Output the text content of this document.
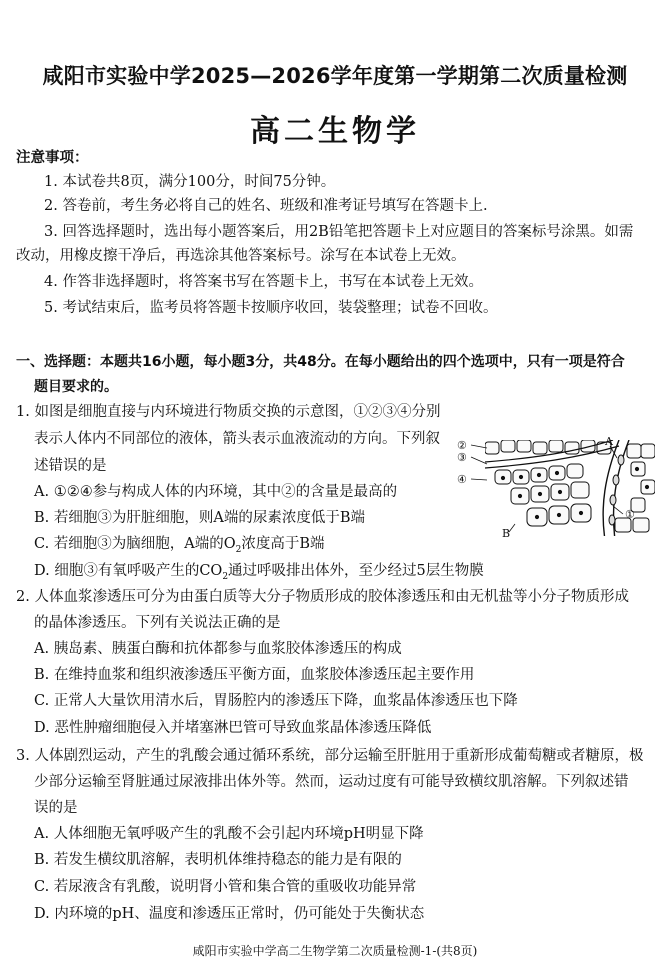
咸阳市实验中学2025—2026学年度第一学期第二次质量检测
高二生物学
注意事项：
1. 本试卷共8页，满分100分，时间75分钟。
2. 答卷前，考生务必将自己的姓名、班级和准考证号填写在答题卡上.
3. 回答选择题时，选出每小题答案后，用2B铅笔把答题卡上对应题目的答案标号涂黑。如需
改动，用橡皮擦干净后，再选涂其他答案标号。涂写在本试卷上无效。
4. 作答非选择题时，将答案书写在答题卡上，书写在本试卷上无效。
5. 考试结束后，监考员将答题卡按顺序收回，装袋整理；试卷不回收。
一、选择题：本题共16小题，每小题3分，共48分。在每小题给出的四个选项中，只有一项是符合
题目要求的。
1. 如图是细胞直接与内环境进行物质交换的示意图，①②③④分别
表示人体内不同部位的液体，箭头表示血液流动的方向。下列叙
述错误的是
A. ①②④参与构成人体的内环境，其中②的含量是最高的
B. 若细胞③为肝脏细胞，则A端的尿素浓度低于B端
C. 若细胞③为脑细胞，A端的$O_2$浓度高于B端
D. 细胞③有氧呼吸产生的$CO_2$通过呼吸排出体外，至少经过5层生物膜
A
B
②
③
④
①
2. 人体血浆渗透压可分为由蛋白质等大分子物质形成的胶体渗透压和由无机盐等小分子物质形成
的晶体渗透压。下列有关说法正确的是
A. 胰岛素、胰蛋白酶和抗体都参与血浆胶体渗透压的构成
B. 在维持血浆和组织液渗透压平衡方面，血浆胶体渗透压起主要作用
C. 正常人大量饮用清水后，胃肠腔内的渗透压下降，血浆晶体渗透压也下降
D. 恶性肿瘤细胞侵入并堵塞淋巴管可导致血浆晶体渗透压降低
3. 人体剧烈运动，产生的乳酸会通过循环系统，部分运输至肝脏用于重新形成葡萄糖或者糖原，极
少部分运输至肾脏通过尿液排出体外等。然而，运动过度有可能导致横纹肌溶解。下列叙述错
误的是
A. 人体细胞无氧呼吸产生的乳酸不会引起内环境pH明显下降
B. 若发生横纹肌溶解，表明机体维持稳态的能力是有限的
C. 若尿液含有乳酸，说明肾小管和集合管的重吸收功能异常
D. 内环境的pH、温度和渗透压正常时，仍可能处于失衡状态
咸阳市实验中学高二生物学第二次质量检测-1-(共8页)
